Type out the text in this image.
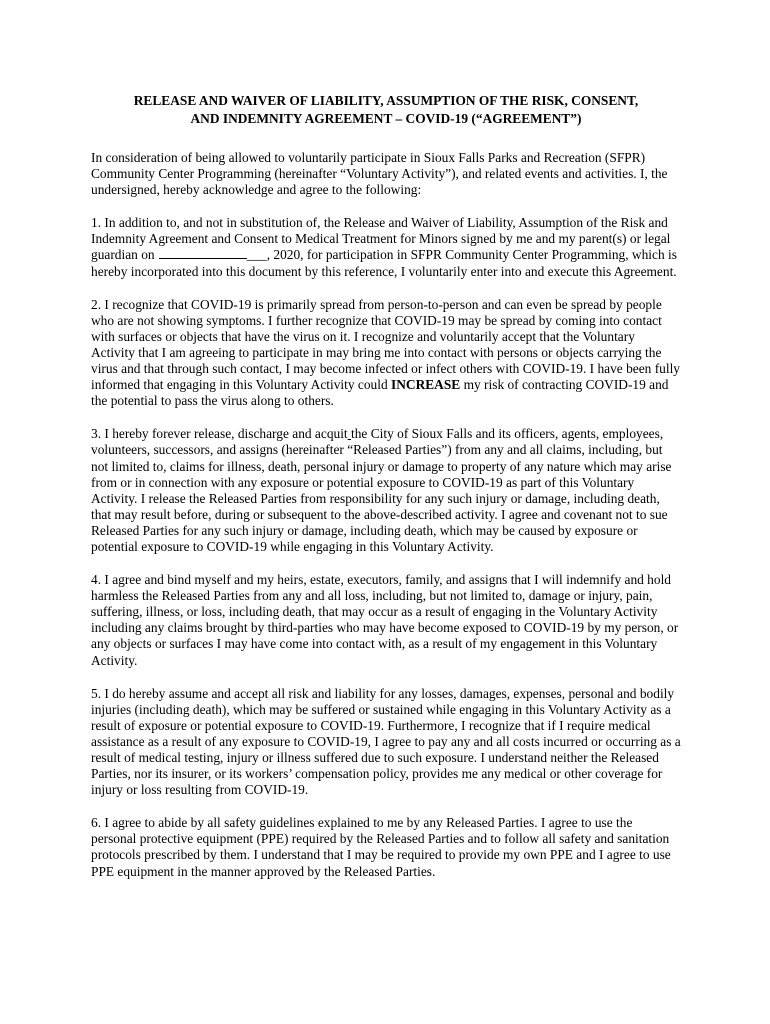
RELEASE AND WAIVER OF LIABILITY, ASSUMPTION OF THE RISK, CONSENT,
AND INDEMNITY AGREEMENT – COVID-19 (“AGREEMENT”)

In consideration of being allowed to voluntarily participate in Sioux Falls Parks and Recreation (SFPR) Community Center Programming (hereinafter “Voluntary Activity”), and related events and activities. I, the undersigned, hereby acknowledge and agree to the following:

1. In addition to, and not in substitution of, the Release and Waiver of Liability, Assumption of the Risk and Indemnity Agreement and Consent to Medical Treatment for Minors signed by me and my parent(s) or legal guardian on	___, 2020, for participation in SFPR Community Center Programming, which is hereby incorporated into this document by this reference, I voluntarily enter into and execute this Agreement.

2. I recognize that COVID-19 is primarily spread from person-to-person and can even be spread by people who are not showing symptoms. I further recognize that COVID-19 may be spread by coming into contact with surfaces or objects that have the virus on it. I recognize and voluntarily accept that the Voluntary Activity that I am agreeing to participate in may bring me into contact with persons or objects carrying the virus and that through such contact, I may become infected or infect others with COVID-19. I have been fully informed that engaging in this Voluntary Activity could INCREASE my risk of contracting COVID-19 and the potential to pass the virus along to others.

3. I hereby forever release, discharge and acquit the City of Sioux Falls and its officers, agents, employees, volunteers, successors, and assigns (hereinafter “Released Parties”) from any and all claims, including, but not limited to, claims for illness, death, personal injury or damage to property of any nature which may arise from or in connection with any exposure or potential exposure to COVID-19 as part of this Voluntary Activity. I release the Released Parties from responsibility for any such injury or damage, including death, that may result before, during or subsequent to the above-described activity. I agree and covenant not to sue Released Parties for any such injury or damage, including death, which may be caused by exposure or potential exposure to COVID-19 while engaging in this Voluntary Activity.

4. I agree and bind myself and my heirs, estate, executors, family, and assigns that I will indemnify and hold harmless the Released Parties from any and all loss, including, but not limited to, damage or injury, pain, suffering, illness, or loss, including death, that may occur as a result of engaging in the Voluntary Activity including any claims brought by third-parties who may have become exposed to COVID-19 by my person, or any objects or surfaces I may have come into contact with, as a result of my engagement in this Voluntary Activity.

5. I do hereby assume and accept all risk and liability for any losses, damages, expenses, personal and bodily injuries (including death), which may be suffered or sustained while engaging in this Voluntary Activity as a result of exposure or potential exposure to COVID-19. Furthermore, I recognize that if I require medical assistance as a result of any exposure to COVID-19, I agree to pay any and all costs incurred or occurring as a result of medical testing, injury or illness suffered due to such exposure. I understand neither the Released Parties, nor its insurer, or its workers’ compensation policy, provides me any medical or other coverage for injury or loss resulting from COVID-19.

6. I agree to abide by all safety guidelines explained to me by any Released Parties. I agree to use the personal protective equipment (PPE) required by the Released Parties and to follow all safety and sanitation protocols prescribed by them. I understand that I may be required to provide my own PPE and I agree to use PPE equipment in the manner approved by the Released Parties.
